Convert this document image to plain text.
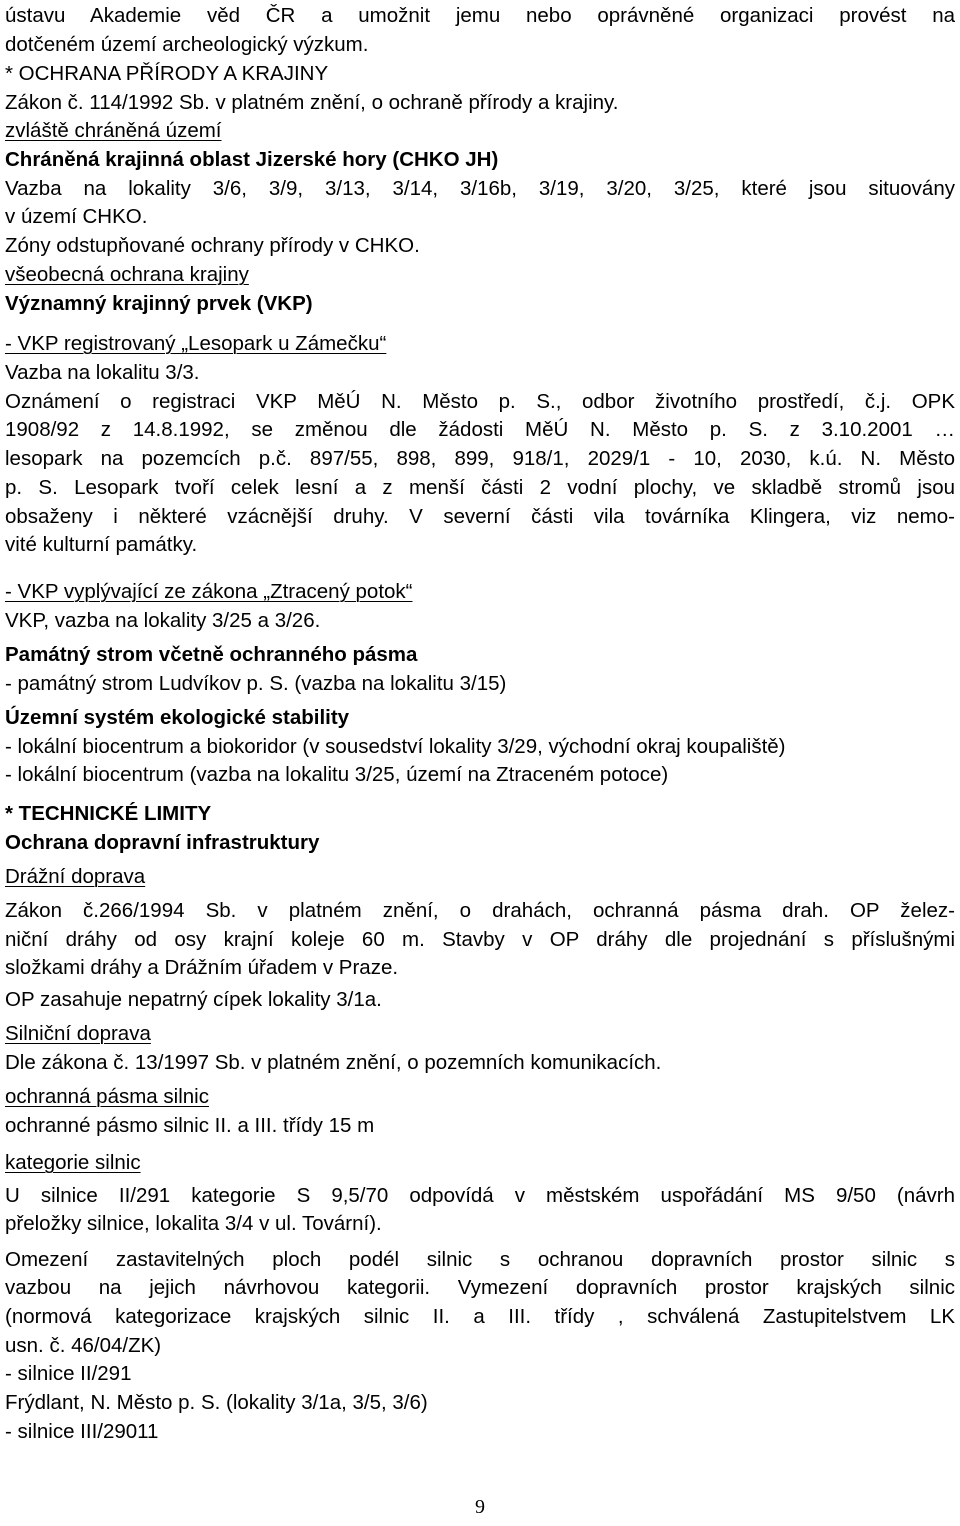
ústavu Akademie věd ČR a umožnit jemu nebo oprávněné organizaci provést na
dotčeném území archeologický výzkum.
* OCHRANA PŘÍRODY A KRAJINY
Zákon č. 114/1992 Sb. v platném znění, o ochraně přírody a krajiny.
zvláště chráněná území
Chráněná krajinná oblast Jizerské hory (CHKO JH)
Vazba na lokality 3/6, 3/9, 3/13, 3/14, 3/16b, 3/19, 3/20, 3/25, které jsou situovány
v území CHKO.
Zóny odstupňované ochrany přírody v CHKO.
všeobecná ochrana krajiny
Významný krajinný prvek (VKP)
- VKP registrovaný „Lesopark u Zámečku“
Vazba na lokalitu 3/3.
Oznámení o registraci VKP MěÚ N. Město p. S., odbor životního prostředí, č.j. OPK
1908/92 z 14.8.1992, se změnou dle žádosti MěÚ N. Město p. S. z 3.10.2001 …
lesopark na pozemcích p.č. 897/55, 898, 899, 918/1, 2029/1 - 10, 2030, k.ú. N. Město
p. S. Lesopark tvoří celek lesní a z menší části 2 vodní plochy, ve skladbě stromů jsou
obsaženy i některé vzácnější druhy. V severní části vila továrníka Klingera, viz nemo-
vité kulturní památky.
- VKP vyplývající ze zákona „Ztracený potok“
VKP, vazba na lokality 3/25 a 3/26.
Památný strom včetně ochranného pásma
- památný strom Ludvíkov p. S. (vazba na lokalitu 3/15)
Územní systém ekologické stability
- lokální biocentrum a biokoridor (v sousedství lokality 3/29, východní okraj koupaliště)
- lokální biocentrum (vazba na lokalitu 3/25, území na Ztraceném potoce)
* TECHNICKÉ LIMITY
Ochrana dopravní infrastruktury
Drážní doprava
Zákon č.266/1994 Sb. v platném znění, o drahách, ochranná pásma drah. OP želez-
niční dráhy od osy krajní koleje 60 m. Stavby v OP dráhy dle projednání s příslušnými
složkami dráhy a Drážním úřadem v Praze.
OP zasahuje nepatrný cípek lokality 3/1a.
Silniční doprava
Dle zákona č. 13/1997 Sb. v platném znění, o pozemních komunikacích.
ochranná pásma silnic
ochranné pásmo silnic II. a III. třídy 15 m
kategorie silnic
U silnice II/291 kategorie S 9,5/70 odpovídá v městském uspořádání MS 9/50 (návrh
přeložky silnice, lokalita 3/4 v ul. Tovární).
Omezení zastavitelných ploch podél silnic s ochranou dopravních prostor silnic s
vazbou na jejich návrhovou kategorii. Vymezení dopravních prostor krajských silnic
(normová kategorizace krajských silnic II. a III. třídy , schválená Zastupitelstvem LK
usn. č. 46/04/ZK)
- silnice II/291
Frýdlant, N. Město p. S. (lokality 3/1a, 3/5, 3/6)
- silnice III/29011
9
